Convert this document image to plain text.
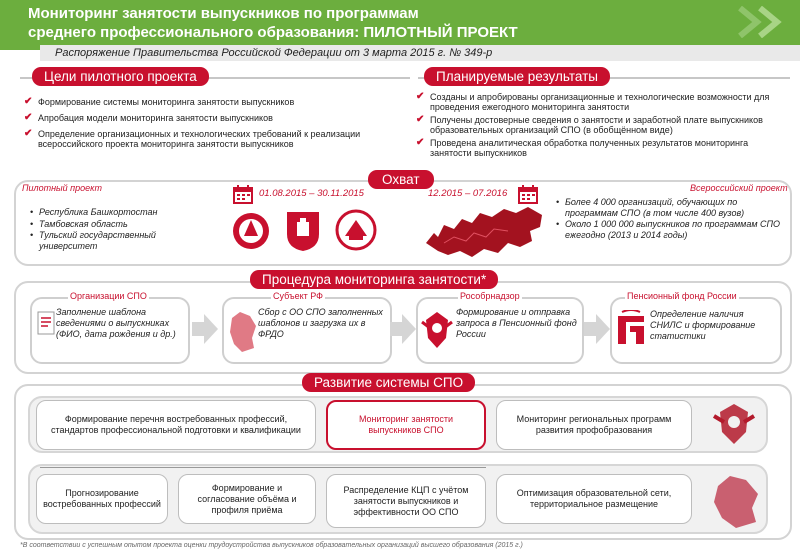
Мониторинг занятости выпускников по программам
среднего профессионального образования: ПИЛОТНЫЙ ПРОЕКТ
Распоряжение Правительства Российской Федерации от 3 марта 2015 г. № 349-р
Цели пилотного проекта
✔ Формирование системы мониторинга занятости выпускников
✔ Апробация модели мониторинга занятости выпускников
✔ Определение организационных и технологических требований к реализации всероссийского проекта мониторинга занятости выпускников
Планируемые результаты
✔ Созданы и апробированы организационные и технологические возможности для проведения ежегодного мониторинга занятости
✔ Получены достоверные сведения о занятости и заработной плате выпускников образовательных организаций СПО (в обобщённом виде)
✔ Проведена аналитическая обработка полученных результатов мониторинга занятости выпускников
Охват
Пилотный проект
• Республика Башкортостан
• Тамбовская область
• Тульский государственный университет
01.08.2015 – 30.11.2015	12.2015 – 07.2016	Всероссийский проект
• Более 4 000 организаций, обучающих по программам СПО (в том числе 400 вузов)
• Около 1 000 000 выпускников по программам СПО ежегодно (2013 и 2014 годы)
Процедура мониторинга занятости*
Организации СПО
Заполнение шаблона сведениями о выпускниках (ФИО, дата рождения и др.)
Субъект РФ
Сбор с ОО СПО заполненных шаблонов и загрузка их в ФРДО
Рособрнадзор
Формирование и отправка запроса в Пенсионный фонд России
Пенсионный фонд России
Определение наличия СНИЛС и формирование статистики
Развитие системы СПО
Формирование перечня востребованных профессий, стандартов профессиональной подготовки и квалификации
Мониторинг занятости выпускников СПО
Мониторинг региональных программ развития профобразования
Прогнозирование востребованных профессий
Формирование и согласование объёма и профиля приёма
Распределение КЦП с учётом занятости выпускников и эффективности ОО СПО
Оптимизация образовательной сети, территориальное размещение
*В соответствии с успешным опытом проекта оценки трудоустройства выпускников образовательных организаций высшего образования (2015 г.)
